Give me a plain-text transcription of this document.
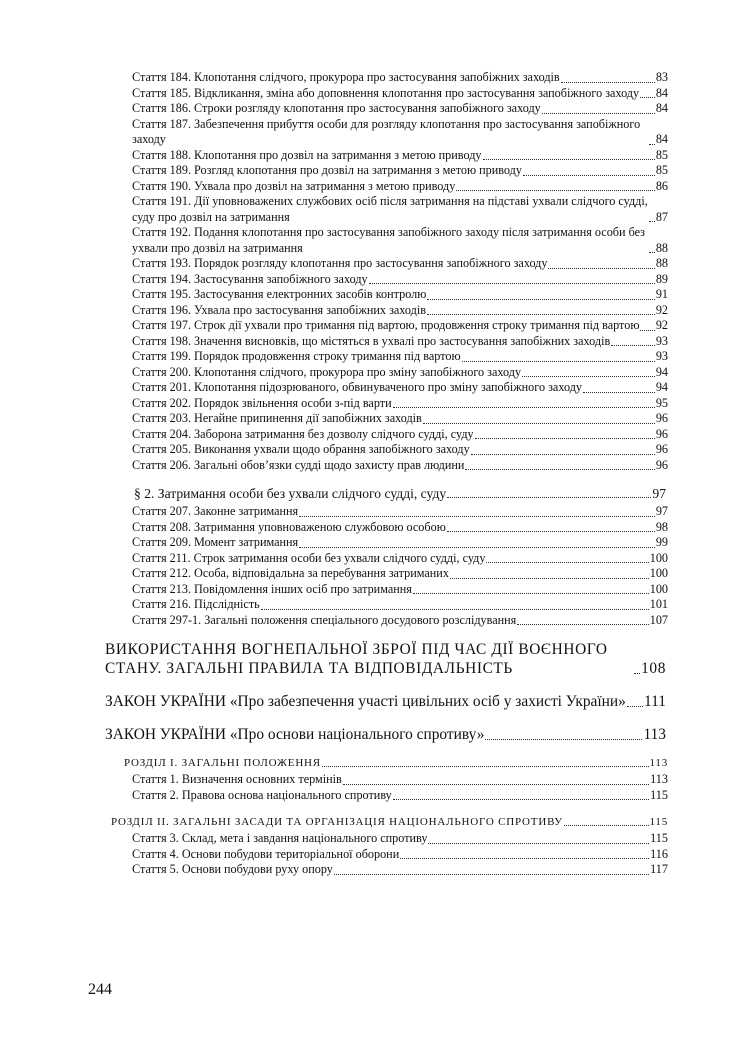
Стаття 184. Клопотання слідчого, прокурора про застосування запобіжних заходів	83
Стаття 185. Відкликання, зміна або доповнення клопотання про застосування запобіжного заходу 84
Стаття 186. Строки розгляду клопотання про застосування запобіжного заходу	84
Стаття 187. Забезпечення прибуття особи для розгляду клопотання про застосування запобіжного заходу	84
Стаття 188. Клопотання про дозвіл на затримання з метою приводу	85
Стаття 189. Розгляд клопотання про дозвіл на затримання з метою приводу	85
Стаття 190. Ухвала про дозвіл на затримання з метою приводу	86
Стаття 191. Дії уповноважених службових осіб після затримання на підставі ухвали слідчого судді, суду про дозвіл на затримання	87
Стаття 192. Подання клопотання про застосування запобіжного заходу після затримання особи без ухвали про дозвіл на затримання	88
Стаття 193. Порядок розгляду клопотання про застосування запобіжного заходу	88
Стаття 194. Застосування запобіжного заходу	89
Стаття 195. Застосування електронних засобів контролю	91
Стаття 196. Ухвала про застосування запобіжних заходів	92
Стаття 197. Строк дії ухвали про тримання під вартою, продовження строку тримання під вартою 92
Стаття 198. Значення висновків, що містяться в ухвалі про застосування запобіжних заходів	93
Стаття 199. Порядок продовження строку тримання під вартою	93
Стаття 200. Клопотання слідчого, прокурора про зміну запобіжного заходу	94
Стаття 201. Клопотання підозрюваного, обвинуваченого про зміну запобіжного заходу	94
Стаття 202. Порядок звільнення особи з-під варти	95
Стаття 203. Негайне припинення дії запобіжних заходів	96
Стаття 204. Заборона затримання без дозволу слідчого судді, суду	96
Стаття 205. Виконання ухвали щодо обрання запобіжного заходу	96
Стаття 206. Загальні обов’язки судді щодо захисту прав людини	96
§ 2. Затримання особи без ухвали слідчого судді, суду	97
Стаття 207. Законне затримання	97
Стаття 208. Затримання уповноваженою службовою особою	98
Стаття 209. Момент затримання	99
Стаття 211. Строк затримання особи без ухвали слідчого судді, суду	100
Стаття 212. Особа, відповідальна за перебування затриманих	100
Стаття 213. Повідомлення інших осіб про затримання	100
Стаття 216. Підслідність	101
Стаття 297-1. Загальні положення спеціального досудового розслідування	107
ВИКОРИСТАННЯ ВОГНЕПАЛЬНОЇ ЗБРОЇ ПІД ЧАС ДІЇ ВОЄННОГО СТАНУ. ЗАГАЛЬНІ ПРАВИЛА ТА ВІДПОВІДАЛЬНІСТЬ	108
ЗАКОН УКРАЇНИ «Про забезпечення участі цивільних осіб у захисті України» 111
ЗАКОН УКРАЇНИ «Про основи національного спротиву»	113
РОЗДІЛ І. ЗАГАЛЬНІ ПОЛОЖЕННЯ	113
Стаття 1. Визначення основних термінів	113
Стаття 2. Правова основа національного спротиву	115
РОЗДІЛ ІІ. ЗАГАЛЬНІ ЗАСАДИ ТА ОРГАНІЗАЦІЯ НАЦІОНАЛЬНОГО СПРОТИВУ	115
Стаття 3. Склад, мета і завдання національного спротиву	115
Стаття 4. Основи побудови територіальної оборони	116
Стаття 5. Основи побудови руху опору	117
244
